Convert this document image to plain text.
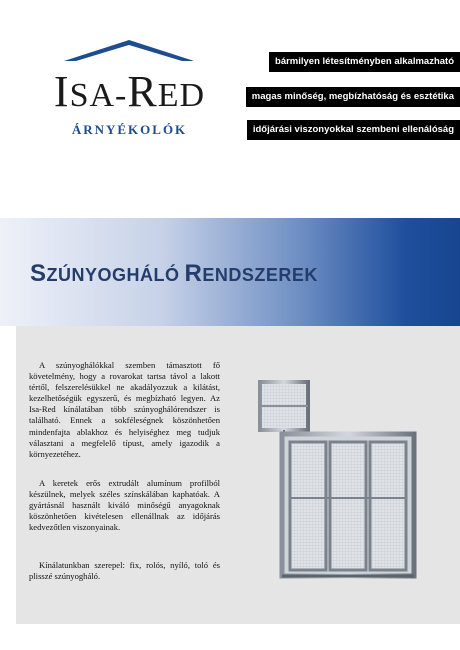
ISA-RED
ÁRNYÉKOLÓK
bármilyen létesítményben alkalmazható
magas minőség, megbízhatóság és esztétika
időjárási viszonyokkal szembeni ellenálóság
SZÚNYOGHÁLÓ RENDSZEREK

A szúnyoghálókkal szemben támasztott fő követelmény, hogy a rovarokat tartsa távol a lakott tértől, felszerelésükkel ne akadályozzuk a kilátást, kezelhetőségük egyszerű, és megbízható legyen. Az Isa-Red kínálatában több szúnyoghálórendszer is található. Ennek a sokféleségnek köszönhetően mindenfajta ablakhoz és helyiséghez meg tudjuk választani a megfelelő típust, amely igazodik a környezetéhez.

A keretek erős extrudált alumínum profilból készülnek, melyek széles színskálában kaphatóak. A gyártásnál használt kiváló minőségű anyagoknak köszönhetően kivételesen ellenállnak az időjárás kedvezőtlen viszonyainak.

Kínálatunkban szerepel: fix, rolós, nyíló, toló és plisszé szúnyogháló.
